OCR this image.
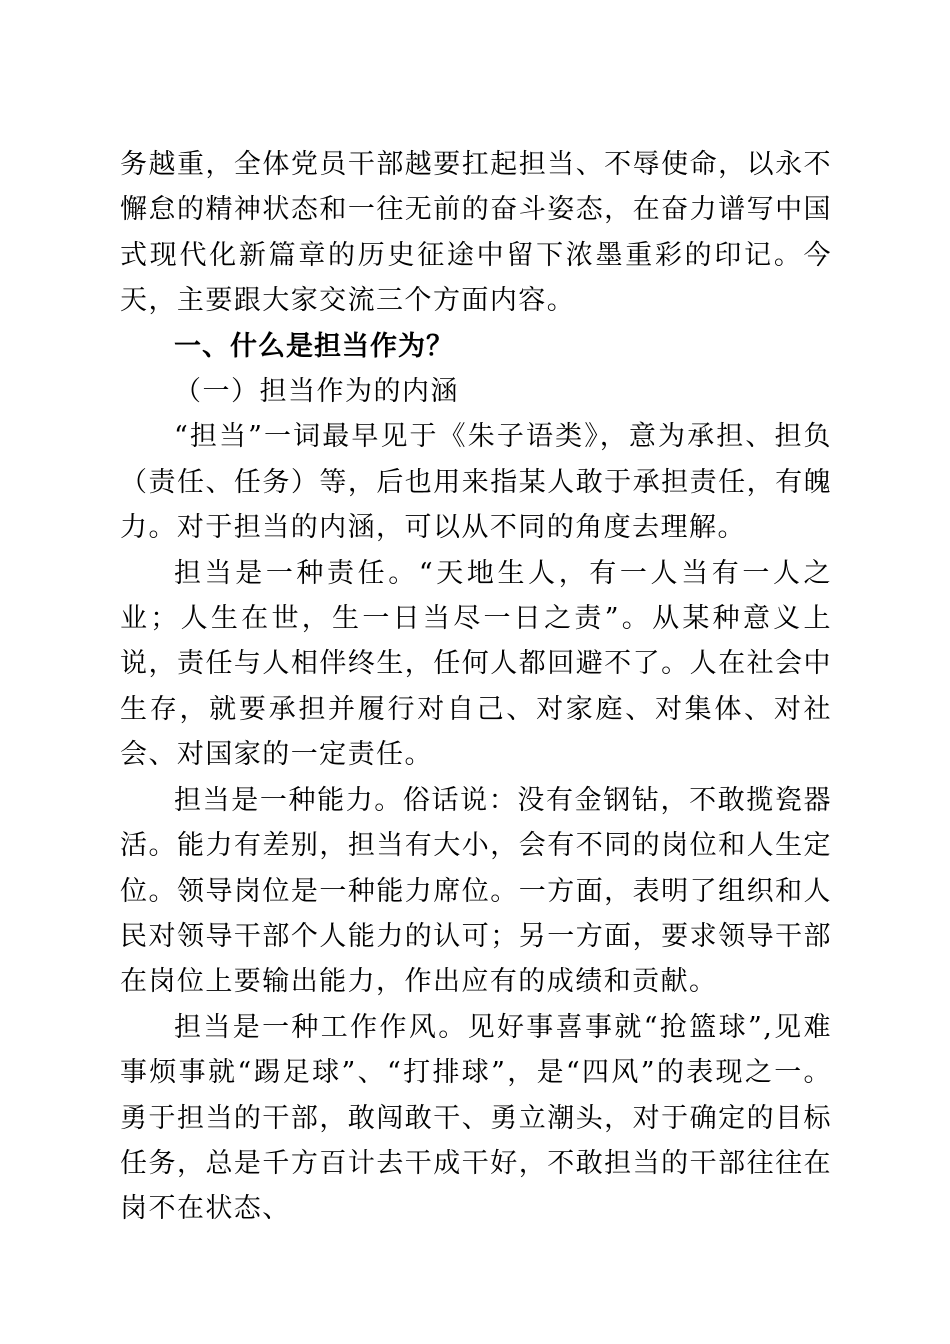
务越重，全体党员干部越要扛起担当、不辱使命，以永不懈怠的精神状态和一往无前的奋斗姿态，在奋力谱写中国式现代化新篇章的历史征途中留下浓墨重彩的印记。今天，主要跟大家交流三个方面内容。

一、什么是担当作为？

（一）担当作为的内涵

“担当”一词最早见于《朱子语类》，意为承担、担负（责任、任务）等，后也用来指某人敢于承担责任，有魄力。对于担当的内涵，可以从不同的角度去理解。

担当是一种责任。“天地生人，有一人当有一人之业；人生在世，生一日当尽一日之责”。从某种意义上说，责任与人相伴终生，任何人都回避不了。人在社会中生存，就要承担并履行对自己、对家庭、对集体、对社会、对国家的一定责任。

担当是一种能力。俗话说：没有金钢钻，不敢揽瓷器活。能力有差别，担当有大小，会有不同的岗位和人生定位。领导岗位是一种能力席位。一方面，表明了组织和人民对领导干部个人能力的认可；另一方面，要求领导干部在岗位上要输出能力，作出应有的成绩和贡献。

担当是一种工作作风。见好事喜事就“抢篮球”,见难事烦事就“踢足球”、“打排球”，是“四风”的表现之一。勇于担当的干部，敢闯敢干、勇立潮头，对于确定的目标任务，总是千方百计去干成干好，不敢担当的干部往往在岗不在状态、
